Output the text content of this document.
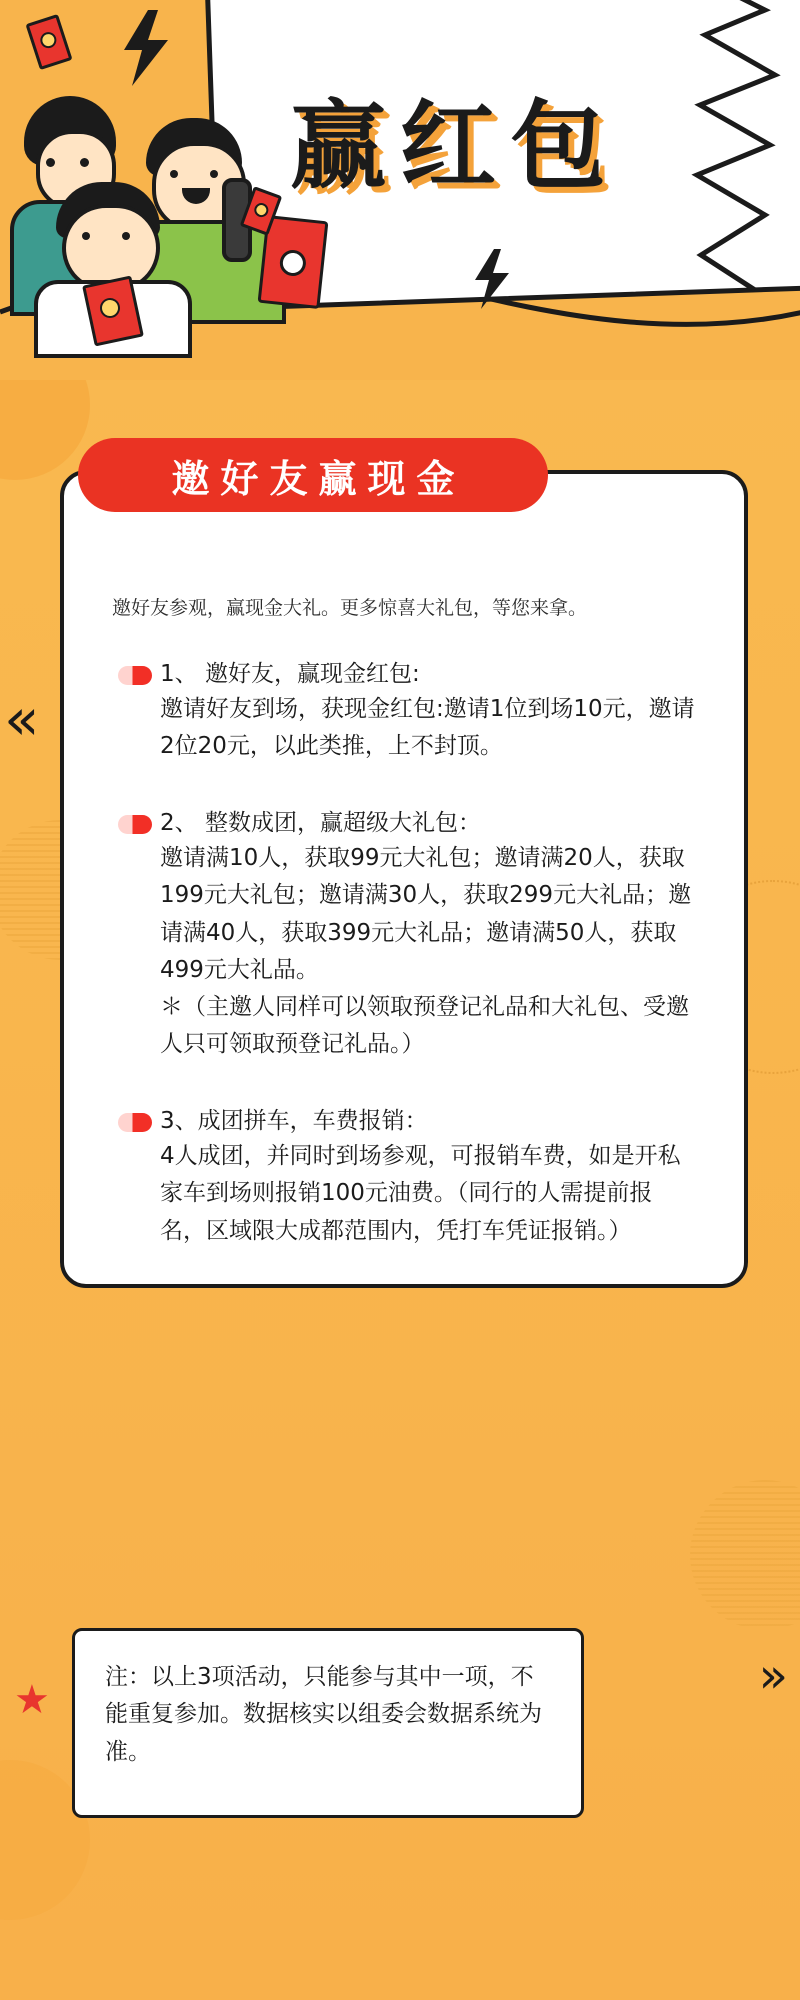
赢红包

邀好友参观，赢现金大礼。更多惊喜大礼包，等您来拿。

1、 邀好友，赢现金红包:
邀请好友到场，获现金红包:邀请1位到场10元，邀请2位20元，以此类推，上不封顶。
2、 整数成团，赢超级大礼包：
邀请满10人，获取99元大礼包；邀请满20人，获取199元大礼包；邀请满30人，获取299元大礼品；邀请满40人，获取399元大礼品；邀请满50人，获取499元大礼品。
＊（主邀人同样可以领取预登记礼品和大礼包、受邀人只可领取预登记礼品。）
3、成团拼车，车费报销：
4人成团，并同时到场参观，可报销车费，如是开私家车到场则报销100元油费。（同行的人需提前报名，区域限大成都范围内，凭打车凭证报销。）
邀好友赢现金
«
»
★ 注：以上3项活动，只能参与其中一项，不能重复参加。数据核实以组委会数据系统为准。
